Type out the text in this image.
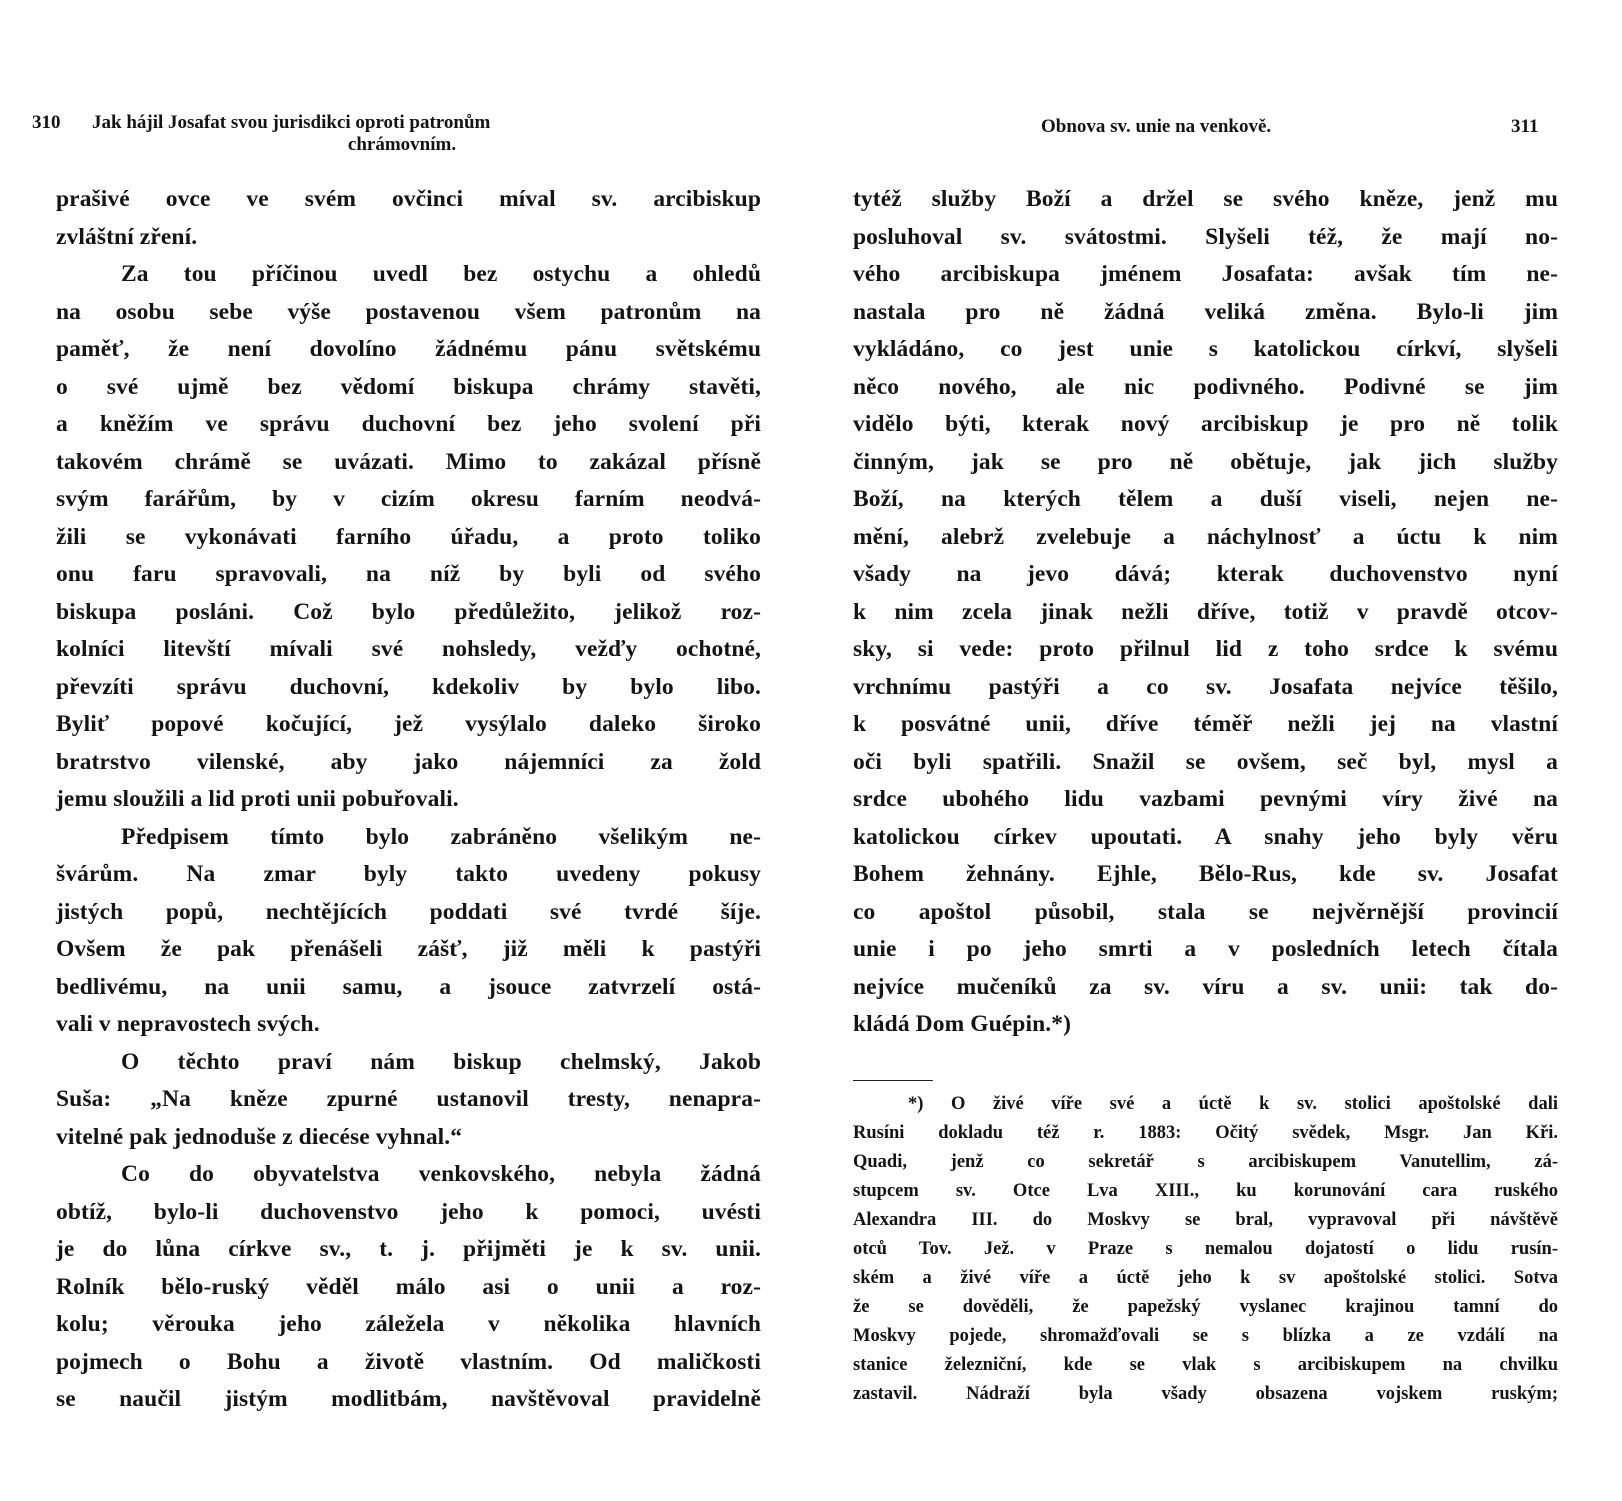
310 Jak hájil Josafat svou jurisdikci oproti patronům
chrámovním.
prašivé ovce ve svém ovčinci míval sv. arcibiskup
zvláštní zření.
Za tou příčinou uvedl bez ostychu a ohledů
na osobu sebe výše postavenou všem patronům na
paměť, že není dovolíno žádnému pánu světskému
o své ujmě bez vědomí biskupa chrámy stavěti,
a kněžím ve správu duchovní bez jeho svolení při
takovém chrámě se uvázati. Mimo to zakázal přísně
svým farářům, by v cizím okresu farním neodvá-
žili se vykonávati farního úřadu, a proto toliko
onu faru spravovali, na níž by byli od svého
biskupa posláni. Což bylo předůležito, jelikož roz-
kolníci litevští mívali své nohsledy, vežďy ochotné,
převzíti správu duchovní, kdekoliv by bylo libo.
Byliť popové kočující, jež vysýlalo daleko široko
bratrstvo vilenské, aby jako nájemníci za žold
jemu sloužili a lid proti unii pobuřovali.
Předpisem tímto bylo zabráněno všelikým ne-
švárům. Na zmar byly takto uvedeny pokusy
jistých popů, nechtějících poddati své tvrdé šíje.
Ovšem že pak přenášeli zášť, již měli k pastýři
bedlivému, na unii samu, a jsouce zatvrzelí ostá-
vali v nepravostech svých.
O těchto praví nám biskup chelmský, Jakob
Suša: „Na kněze zpurné ustanovil tresty, nenapra-
vitelné pak jednoduše z diecése vyhnal.“
Co do obyvatelstva venkovského, nebyla žádná
obtíž, bylo-li duchovenstvo jeho k pomoci, uvésti
je do lůna církve sv., t. j. přijměti je k sv. unii.
Rolník bělo-ruský věděl málo asi o unii a roz-
kolu; věrouka jeho záležela v několika hlavních
pojmech o Bohu a životě vlastním. Od maličkosti
se naučil jistým modlitbám, navštěvoval pravidelně
Obnova sv. unie na venkově.	311
tytéž služby Boží a držel se svého kněze, jenž mu
posluhoval sv. svátostmi. Slyšeli též, že mají no-
vého arcibiskupa jménem Josafata: avšak tím ne-
nastala pro ně žádná veliká změna. Bylo-li jim
vykládáno, co jest unie s katolickou církví, slyšeli
něco nového, ale nic podivného. Podivné se jim
vidělo býti, kterak nový arcibiskup je pro ně tolik
činným, jak se pro ně obětuje, jak jich služby
Boží, na kterých tělem a duší viseli, nejen ne-
mění, alebrž zvelebuje a náchylnosť a úctu k nim
všady na jevo dává; kterak duchovenstvo nyní
k nim zcela jinak nežli dříve, totiž v pravdě otcov-
sky, si vede: proto přilnul lid z toho srdce k svému
vrchnímu pastýři a co sv. Josafata nejvíce těšilo,
k posvátné unii, dříve téměř nežli jej na vlastní
oči byli spatřili. Snažil se ovšem, seč byl, mysl a
srdce ubohého lidu vazbami pevnými víry živé na
katolickou církev upoutati. A snahy jeho byly věru
Bohem žehnány. Ejhle, Bělo-Rus, kde sv. Josafat
co apoštol působil, stala se nejvěrnější provincií
unie i po jeho smrti a v posledních letech čítala
nejvíce mučeníků za sv. víru a sv. unii: tak do-
kládá Dom Guépin.*)
*) O živé víře své a úctě k sv. stolici apoštolské dali
Rusíni dokladu též r. 1883: Očitý svědek, Msgr. Jan Kři.
Quadi, jenž co sekretář s arcibiskupem Vanutellim, zá-
stupcem sv. Otce Lva XIII., ku korunování cara ruského
Alexandra III. do Moskvy se bral, vypravoval při návštěvě
otců Tov. Jež. v Praze s nemalou dojatostí o lidu rusín-
ském a živé víře a úctě jeho k sv apoštolské stolici. Sotva
že se dověděli, že papežský vyslanec krajinou tamní do
Moskvy pojede, shromažďovali se s blízka a ze vzdálí na
stanice železniční, kde se vlak s arcibiskupem na chvilku
zastavil. Nádraží byla všady obsazena vojskem ruským;
